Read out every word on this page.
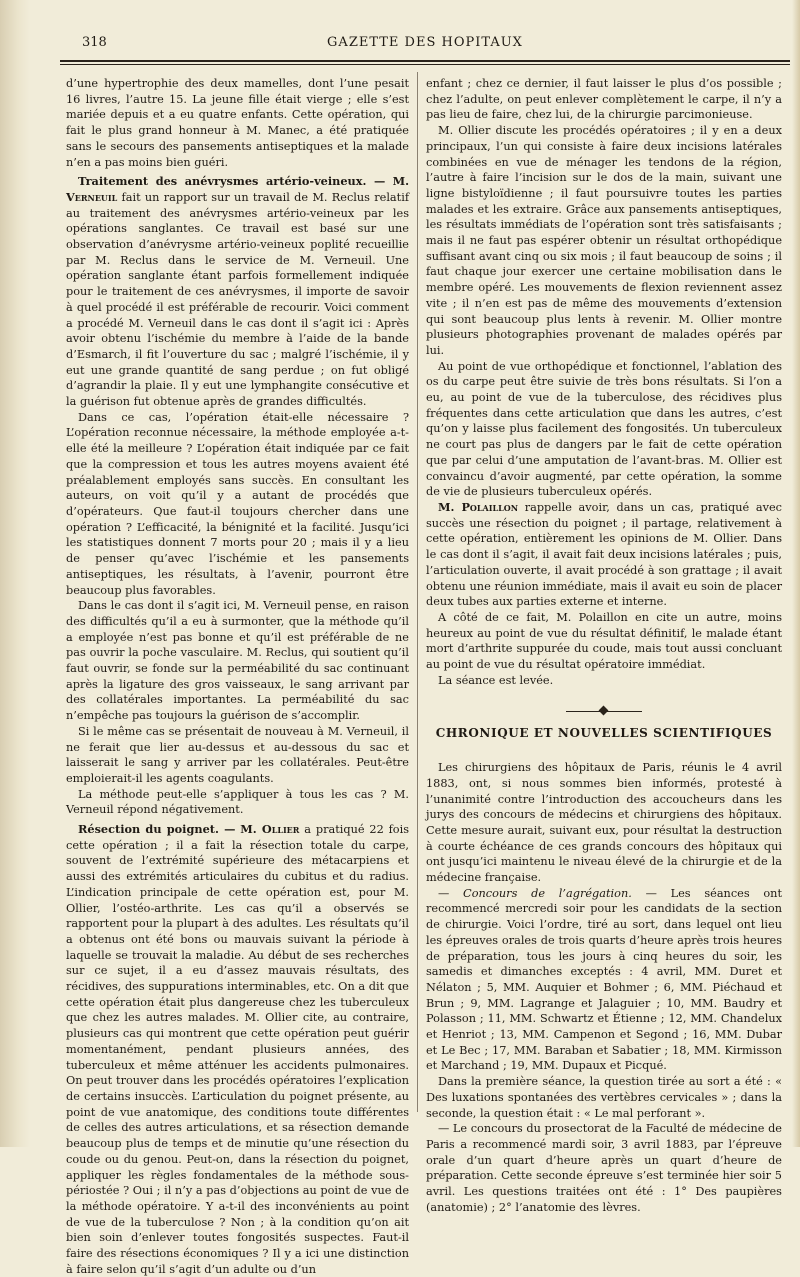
318	GAZETTE DES HOPITAUX

d’une hypertrophie des deux mamelles, dont l’une pesait 16 livres, l’autre 15. La jeune fille était vierge ; elle s’est mariée depuis et a eu quatre enfants. Cette opération, qui fait le plus grand honneur à M. Manec, a été pratiquée sans le secours des pansements antiseptiques et la malade n’en a pas moins bien guéri.

Traitement des anévrysmes artério-veineux. — M. Verneuil fait un rapport sur un travail de M. Reclus relatif au traitement des anévrysmes artério-veineux par les opérations sanglantes. Ce travail est basé sur une observation d’anévrysme artério-veineux poplité recueillie par M. Reclus dans le service de M. Verneuil. Une opération sanglante étant parfois formellement indiquée pour le traitement de ces anévrysmes, il importe de savoir à quel procédé il est préférable de recourir. Voici comment a procédé M. Verneuil dans le cas dont il s’agit ici : Après avoir obtenu l’ischémie du membre à l’aide de la bande d’Esmarch, il fit l’ouverture du sac ; malgré l’ischémie, il y eut une grande quantité de sang perdue ; on fut obligé d’agrandir la plaie. Il y eut une lymphangite consécutive et la guérison fut obtenue après de grandes difficultés.

Dans ce cas, l’opération était-elle nécessaire ? L’opération reconnue nécessaire, la méthode employée a-t-elle été la meilleure ? L’opération était indiquée par ce fait que la compression et tous les autres moyens avaient été préalablement employés sans succès. En consultant les auteurs, on voit qu’il y a autant de procédés que d’opérateurs. Que faut-il toujours chercher dans une opération ? L’efficacité, la bénignité et la facilité. Jusqu’ici les statistiques donnent 7 morts pour 20 ; mais il y a lieu de penser qu’avec l’ischémie et les pansements antiseptiques, les résultats, à l’avenir, pourront être beaucoup plus favorables.

Dans le cas dont il s’agit ici, M. Verneuil pense, en raison des difficultés qu’il a eu à surmonter, que la méthode qu’il a employée n’est pas bonne et qu’il est préférable de ne pas ouvrir la poche vasculaire. M. Reclus, qui soutient qu’il faut ouvrir, se fonde sur la perméabilité du sac continuant après la ligature des gros vaisseaux, le sang arrivant par des collatérales importantes. La perméabilité du sac n’empêche pas toujours la guérison de s’accomplir.

Si le même cas se présentait de nouveau à M. Verneuil, il ne ferait que lier au-dessus et au-dessous du sac et laisserait le sang y arriver par les collatérales. Peut-être emploierait-il les agents coagulants.

La méthode peut-elle s’appliquer à tous les cas ? M. Verneuil répond négativement.

Résection du poignet. — M. Ollier a pratiqué 22 fois cette opération ; il a fait la résection totale du carpe, souvent de l’extrémité supérieure des métacarpiens et aussi des extrémités articulaires du cubitus et du radius. L’indication principale de cette opération est, pour M. Ollier, l’ostéo-arthrite. Les cas qu’il a observés se rapportent pour la plupart à des adultes. Les résultats qu’il a obtenus ont été bons ou mauvais suivant la période à laquelle se trouvait la maladie. Au début de ses recherches sur ce sujet, il a eu d’assez mauvais résultats, des récidives, des suppurations interminables, etc. On a dit que cette opération était plus dangereuse chez les tuberculeux que chez les autres malades. M. Ollier cite, au contraire, plusieurs cas qui montrent que cette opération peut guérir momentanément, pendant plusieurs années, des tuberculeux et même atténuer les accidents pulmonaires. On peut trouver dans les procédés opératoires l’explication de certains insuccès. L’articulation du poignet présente, au point de vue anatomique, des conditions toute différentes de celles des autres articulations, et sa résection demande beaucoup plus de temps et de minutie qu’une résection du coude ou du genou. Peut-on, dans la résection du poignet, appliquer les règles fondamentales de la méthode sous-périostée ? Oui ; il n’y a pas d’objections au point de vue de la méthode opératoire. Y a-t-il des inconvénients au point de vue de la tuberculose ? Non ; à la condition qu’on ait bien soin d’enlever toutes fongosités suspectes. Faut-il faire des résections économiques ? Il y a ici une distinction à faire selon qu’il s’agit d’un adulte ou d’un

enfant ; chez ce dernier, il faut laisser le plus d’os possible ; chez l’adulte, on peut enlever complètement le carpe, il n’y a pas lieu de faire, chez lui, de la chirurgie parcimonieuse.

M. Ollier discute les procédés opératoires ; il y en a deux principaux, l’un qui consiste à faire deux incisions latérales combinées en vue de ménager les tendons de la région, l’autre à faire l’incision sur le dos de la main, suivant une ligne bistyloïdienne ; il faut poursuivre toutes les parties malades et les extraire. Grâce aux pansements antiseptiques, les résultats immédiats de l’opération sont très satisfaisants ; mais il ne faut pas espérer obtenir un résultat orthopédique suffisant avant cinq ou six mois ; il faut beaucoup de soins ; il faut chaque jour exercer une certaine mobilisation dans le membre opéré. Les mouvements de flexion reviennent assez vite ; il n’en est pas de même des mouvements d’extension qui sont beaucoup plus lents à revenir. M. Ollier montre plusieurs photographies provenant de malades opérés par lui.

Au point de vue orthopédique et fonctionnel, l’ablation des os du carpe peut être suivie de très bons résultats. Si l’on a eu, au point de vue de la tuberculose, des récidives plus fréquentes dans cette articulation que dans les autres, c’est qu’on y laisse plus facilement des fongosités. Un tuberculeux ne court pas plus de dangers par le fait de cette opération que par celui d’une amputation de l’avant-bras. M. Ollier est convaincu d’avoir augmenté, par cette opération, la somme de vie de plusieurs tuberculeux opérés.

M. Polaillon rappelle avoir, dans un cas, pratiqué avec succès une résection du poignet ; il partage, relativement à cette opération, entièrement les opinions de M. Ollier. Dans le cas dont il s’agit, il avait fait deux incisions latérales ; puis, l’articulation ouverte, il avait procédé à son grattage ; il avait obtenu une réunion immédiate, mais il avait eu soin de placer deux tubes aux parties externe et interne.

A côté de ce fait, M. Polaillon en cite un autre, moins heureux au point de vue du résultat définitif, le malade étant mort d’arthrite suppurée du coude, mais tout aussi concluant au point de vue du résultat opératoire immédiat.

La séance est levée.

CHRONIQUE ET NOUVELLES SCIENTIFIQUES

Les chirurgiens des hôpitaux de Paris, réunis le 4 avril 1883, ont, si nous sommes bien informés, protesté à l’unanimité contre l’introduction des accoucheurs dans les jurys des concours de médecins et chirurgiens des hôpitaux. Cette mesure aurait, suivant eux, pour résultat la destruction à courte échéance de ces grands concours des hôpitaux qui ont jusqu’ici maintenu le niveau élevé de la chirurgie et de la médecine française.

— Concours de l’agrégation. — Les séances ont recommencé mercredi soir pour les candidats de la section de chirurgie. Voici l’ordre, tiré au sort, dans lequel ont lieu les épreuves orales de trois quarts d’heure après trois heures de préparation, tous les jours à cinq heures du soir, les samedis et dimanches exceptés : 4 avril, MM. Duret et Nélaton ; 5, MM. Auquier et Bohmer ; 6, MM. Piéchaud et Brun ; 9, MM. Lagrange et Jalaguier ; 10, MM. Baudry et Polasson ; 11, MM. Schwartz et Étienne ; 12, MM. Chandelux et Henriot ; 13, MM. Campenon et Segond ; 16, MM. Dubar et Le Bec ; 17, MM. Baraban et Sabatier ; 18, MM. Kirmisson et Marchand ; 19, MM. Dupaux et Picqué.

Dans la première séance, la question tirée au sort a été : « Des luxations spontanées des vertèbres cervicales » ; dans la seconde, la question était : « Le mal perforant ».

— Le concours du prosectorat de la Faculté de médecine de Paris a recommencé mardi soir, 3 avril 1883, par l’épreuve orale d’un quart d’heure après un quart d’heure de préparation. Cette seconde épreuve s’est terminée hier soir 5 avril. Les questions traitées ont été : 1° Des paupières (anatomie) ; 2° l’anatomie des lèvres.
